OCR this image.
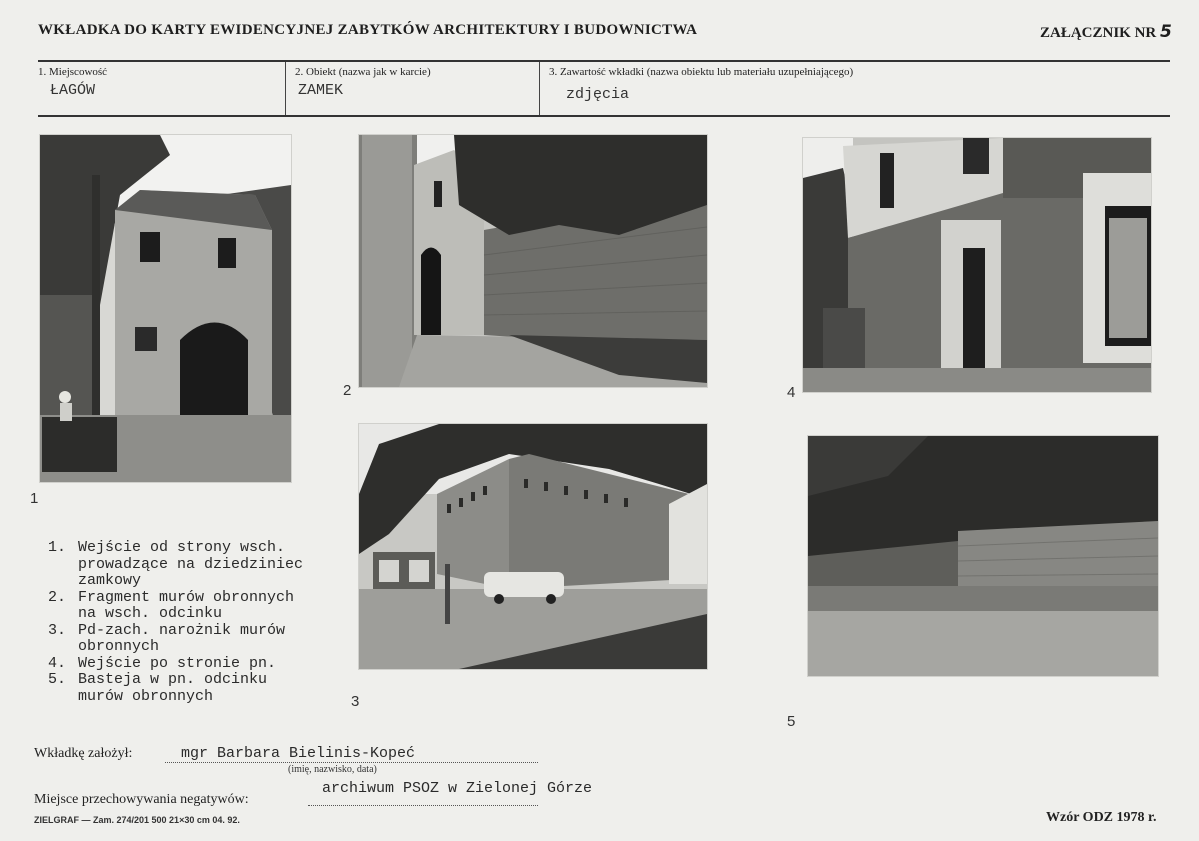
WKŁADKA DO KARTY EWIDENCYJNEJ ZABYTKÓW ARCHITEKTURY I BUDOWNICTWA	ZAŁĄCZNIK NR 5
1. Miejscowość
ŁAGÓW
2. Obiekt (nazwa jak w karcie)
ZAMEK
3. Zawartość wkładki (nazwa obiektu lub materiału uzupełniającego)
zdjęcia
1
2	4
3
5
1. Wejście od strony wsch.
prowadzące na dziedziniec
zamkowy
2. Fragment murów obronnych
na wsch. odcinku
3. Pd-zach. narożnik murów
obronnych
4. Wejście po stronie pn.
5. Basteja w pn. odcinku
murów obronnych
Wkładkę założył:	mgr Barbara Bielinis-Kopeć
(imię, nazwisko, data)
Miejsce przechowywania negatywów:
archiwum PSOZ w Zielonej Górze
ZIELGRAF — Zam. 274/201 500 21×30 cm 04. 92.	Wzór ODZ 1978 r.
